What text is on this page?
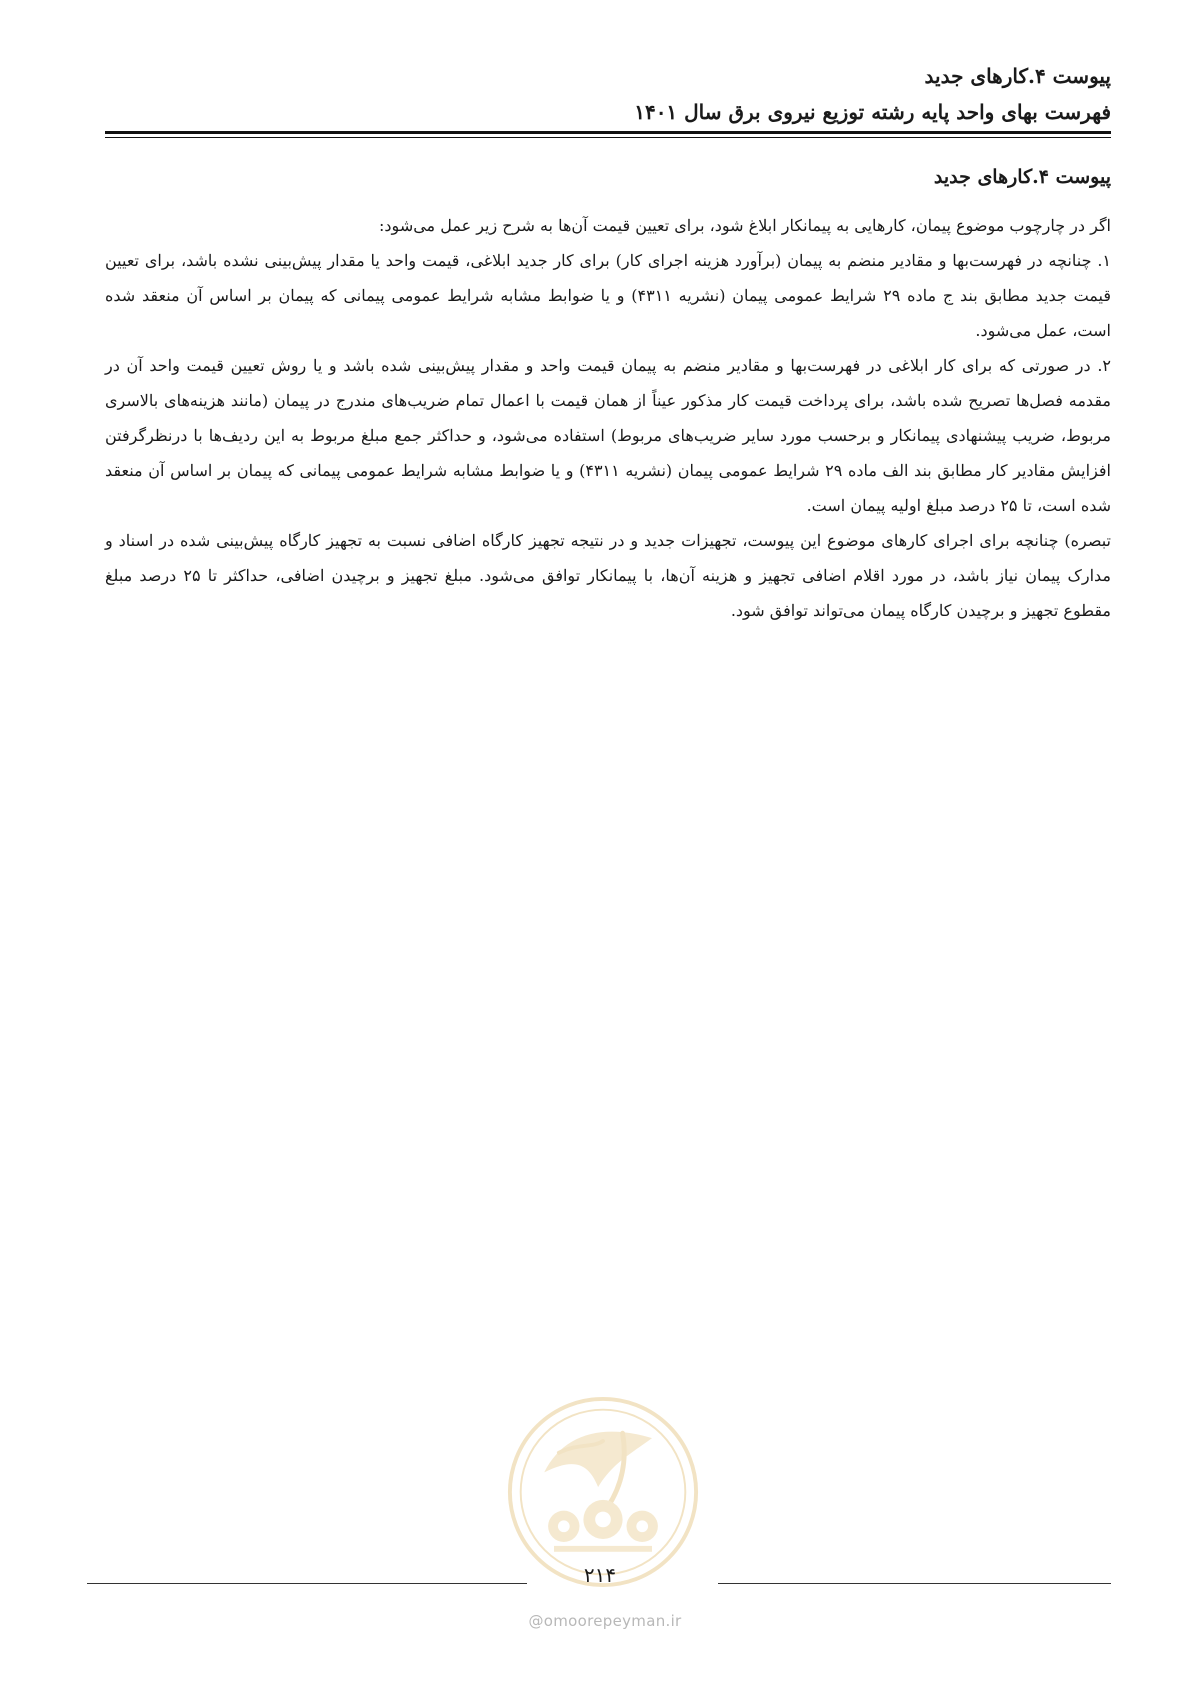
پیوست ۴.کارهای جدید
فهرست بهای واحد پایه رشته توزیع نیروی برق سال ۱۴۰۱
پیوست ۴.کارهای جدید

اگر در چارچوب موضوع پیمان، کارهایی به پیمانکار ابلاغ شود، برای تعیین قیمت آن‌ها به شرح زیر عمل می‌شود:

۱. چنانچه در فهرست‌بها و مقادیر منضم به پیمان (برآورد هزینه اجرای کار) برای کار جدید ابلاغی، قیمت واحد یا مقدار پیش‌بینی نشده باشد، برای تعیین قیمت جدید مطابق بند ج ماده ۲۹ شرایط عمومی پیمان (نشریه ۴۳۱۱) و یا ضوابط مشابه شرایط عمومی پیمانی که پیمان بر اساس آن منعقد شده است، عمل می‌شود.

۲. در صورتی که برای کار ابلاغی در فهرست‌بها و مقادیر منضم به پیمان قیمت واحد و مقدار پیش‌بینی شده باشد و یا روش تعیین قیمت واحد آن در مقدمه فصل‌ها تصریح شده باشد، برای پرداخت قیمت کار مذکور عیناً از همان قیمت با اعمال تمام ضریب‌های مندرج در پیمان (مانند هزینه‌های بالاسری مربوط، ضریب پیشنهادی پیمانکار و برحسب مورد سایر ضریب‌های مربوط) استفاده می‌شود، و حداکثر جمع مبلغ مربوط به این ردیف‌ها با درنظرگرفتن افزایش مقادیر کار مطابق بند الف ماده ۲۹ شرایط عمومی پیمان (نشریه ۴۳۱۱) و یا ضوابط مشابه شرایط عمومی پیمانی که پیمان بر اساس آن منعقد شده است، تا ۲۵ درصد مبلغ اولیه پیمان است.

تبصره) چنانچه برای اجرای کارهای موضوع این پیوست، تجهیزات جدید و در نتیجه تجهیز کارگاه اضافی نسبت به تجهیز کارگاه پیش‌بینی شده در اسناد و مدارک پیمان نیاز باشد، در مورد اقلام اضافی تجهیز و هزینه آن‌ها، با پیمانکار توافق می‌شود. مبلغ تجهیز و برچیدن اضافی، حداکثر تا ۲۵ درصد مبلغ مقطوع تجهیز و برچیدن کارگاه پیمان می‌تواند توافق شود.

۲۱۴
@omoorepeyman.ir
